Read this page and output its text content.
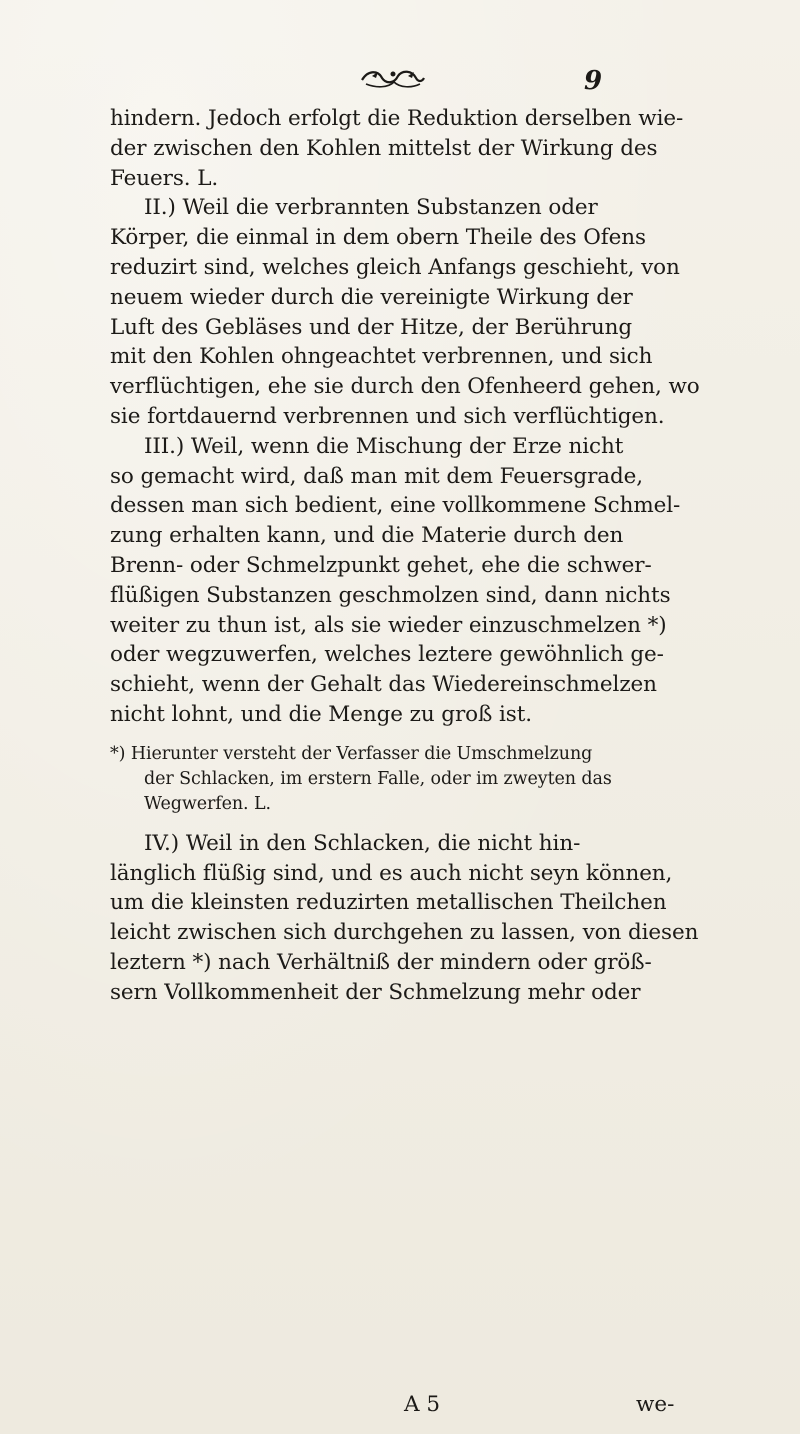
9
hindern. Jedoch erfolgt die Reduktion derselben wie-
der zwischen den Kohlen mittelst der Wirkung des
Feuers. L.
II.) Weil die verbrannten Substanzen oder
Körper, die einmal in dem obern Theile des Ofens
reduzirt sind, welches gleich Anfangs geschieht, von
neuem wieder durch die vereinigte Wirkung der
Luft des Gebläses und der Hitze, der Berührung
mit den Kohlen ohngeachtet verbrennen, und sich
verflüchtigen, ehe sie durch den Ofenheerd gehen, wo
sie fortdauernd verbrennen und sich verflüchtigen.
III.) Weil, wenn die Mischung der Erze nicht
so gemacht wird, daß man mit dem Feuersgrade,
dessen man sich bedient, eine vollkommene Schmel-
zung erhalten kann, und die Materie durch den
Brenn- oder Schmelzpunkt gehet, ehe die schwer-
flüßigen Substanzen geschmolzen sind, dann nichts
weiter zu thun ist, als sie wieder einzuschmelzen *)
oder wegzuwerfen, welches leztere gewöhnlich ge-
schieht, wenn der Gehalt das Wiedereinschmelzen
nicht lohnt, und die Menge zu groß ist.
*) Hierunter versteht der Verfasser die Umschmelzung
der Schlacken, im erstern Falle, oder im zweyten das
Wegwerfen. L.
IV.) Weil in den Schlacken, die nicht hin-
länglich flüßig sind, und es auch nicht seyn können,
um die kleinsten reduzirten metallischen Theilchen
leicht zwischen sich durchgehen zu lassen, von diesen
leztern *) nach Verhältniß der mindern oder größ-
sern Vollkommenheit der Schmelzung mehr oder
A 5	we-
